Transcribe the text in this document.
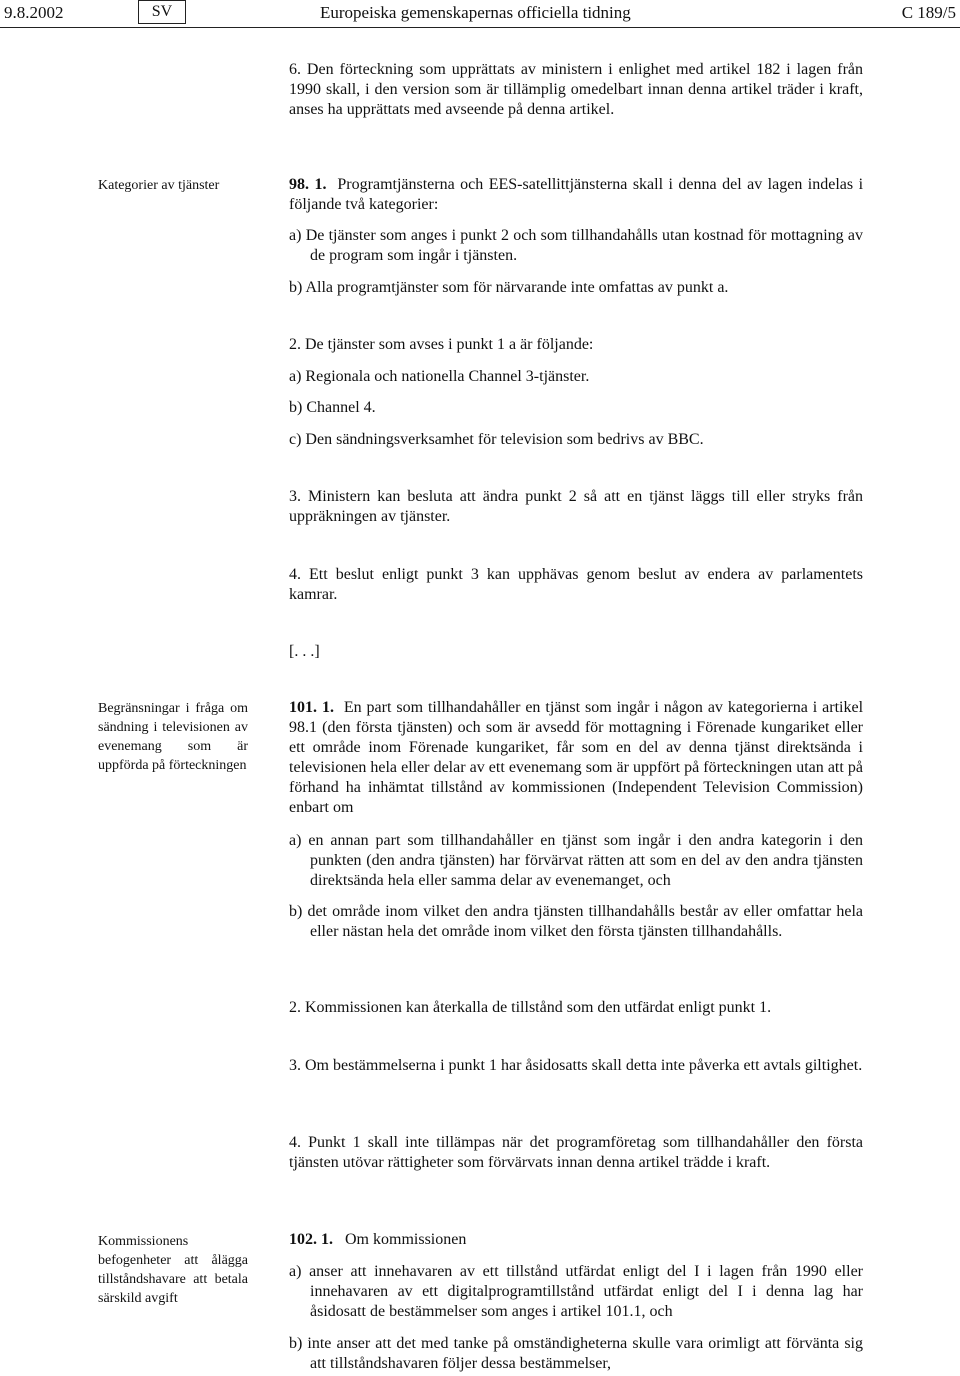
9.8.2002	SV	Europeiska gemenskapernas officiella tidning	C 189/5
6. Den förteckning som upprättats av ministern i enlighet med artikel 182 i lagen från 1990 skall, i den version som är tillämplig omedelbart innan denna artikel träder i kraft, anses ha upprättats med avseende på denna artikel.
Kategorier av tjänster	98. 1. Programtjänsterna och EES-satellittjänsterna skall i denna del av lagen indelas i följande två kategorier:
a) De tjänster som anges i punkt 2 och som tillhandahålls utan kostnad för mottagning av de program som ingår i tjänsten.
b) Alla programtjänster som för närvarande inte omfattas av punkt a.
2. De tjänster som avses i punkt 1 a är följande:
a) Regionala och nationella Channel 3-tjänster.
b) Channel 4.
c) Den sändningsverksamhet för television som bedrivs av BBC.
3. Ministern kan besluta att ändra punkt 2 så att en tjänst läggs till eller stryks från uppräkningen av tjänster.
4. Ett beslut enligt punkt 3 kan upphävas genom beslut av endera av parlamentets kamrar.
[. . .]
Begränsningar i fråga om sändning i televisionen av evenemang som är uppförda på förteckningen
101. 1. En part som tillhandahåller en tjänst som ingår i någon av kategorierna i artikel 98.1 (den första tjänsten) och som är avsedd för mottagning i Förenade kungariket eller ett område inom Förenade kungariket, får som en del av denna tjänst direktsända i televisionen hela eller delar av ett evenemang som är uppfört på förteckningen utan att på förhand ha inhämtat tillstånd av kommissionen (Independent Television Commission) enbart om
a) en annan part som tillhandahåller en tjänst som ingår i den andra kategorin i den punkten (den andra tjänsten) har förvärvat rätten att som en del av den andra tjänsten direktsända hela eller samma delar av evenemanget, och
b) det område inom vilket den andra tjänsten tillhandahålls består av eller omfattar hela eller nästan hela det område inom vilket den första tjänsten tillhandahålls.
2. Kommissionen kan återkalla de tillstånd som den utfärdat enligt punkt 1.
3. Om bestämmelserna i punkt 1 har åsidosatts skall detta inte påverka ett avtals giltighet.
4. Punkt 1 skall inte tillämpas när det programföretag som tillhandahåller den första tjänsten utövar rättigheter som förvärvats innan denna artikel trädde i kraft.
Kommissionens befogenheter att ålägga tillståndshavare att betala särskild avgift
102. 1. Om kommissionen
a) anser att innehavaren av ett tillstånd utfärdat enligt del I i lagen från 1990 eller innehavaren av ett digitalprogramtillstånd utfärdat enligt del I i denna lag har åsidosatt de bestämmelser som anges i artikel 101.1, och
b) inte anser att det med tanke på omständigheterna skulle vara orimligt att förvänta sig att tillståndshavaren följer dessa bestämmelser,
